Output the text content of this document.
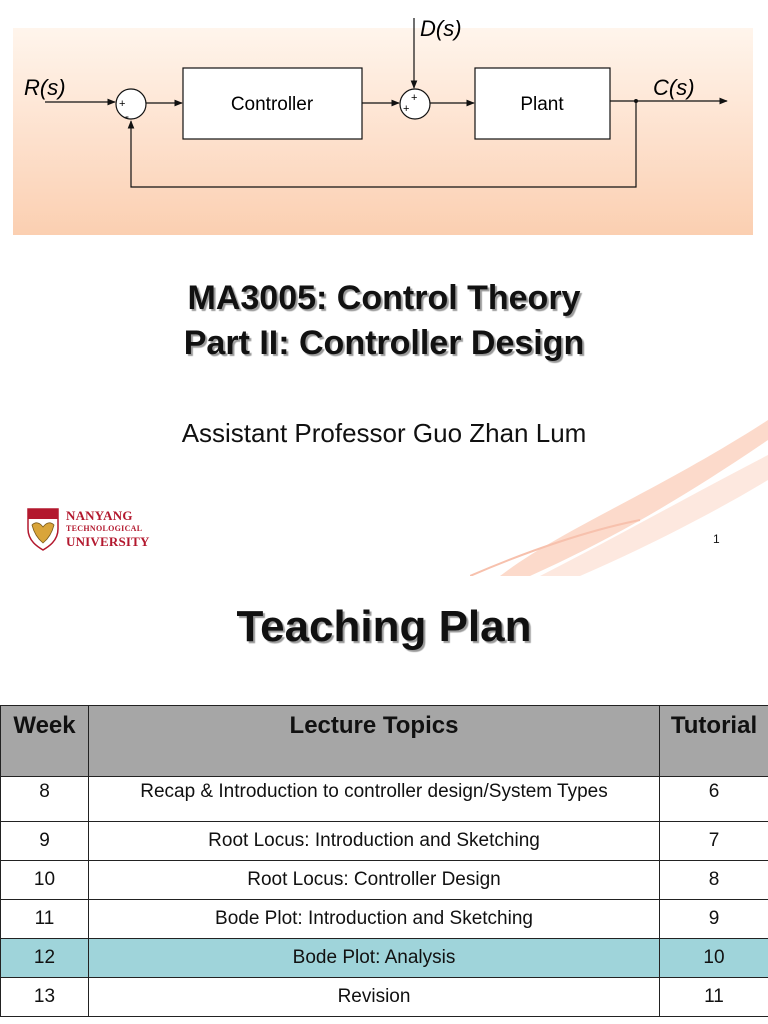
R(s)
D(s)
C(s)
Controller	Plant
+
-
+
+
MA3005: Control Theory
Part II: Controller Design
Assistant Professor Guo Zhan Lum
NANYANG
TECHNOLOGICAL
UNIVERSITY	1
Teaching Plan
Week	Lecture Topics	Tutorial
8	Recap & Introduction to controller design/System Types	6
9	Root Locus: Introduction and Sketching	7
10	Root Locus: Controller Design	8
11	Bode Plot: Introduction and Sketching	9
12	Bode Plot: Analysis	10
13	Revision	11
